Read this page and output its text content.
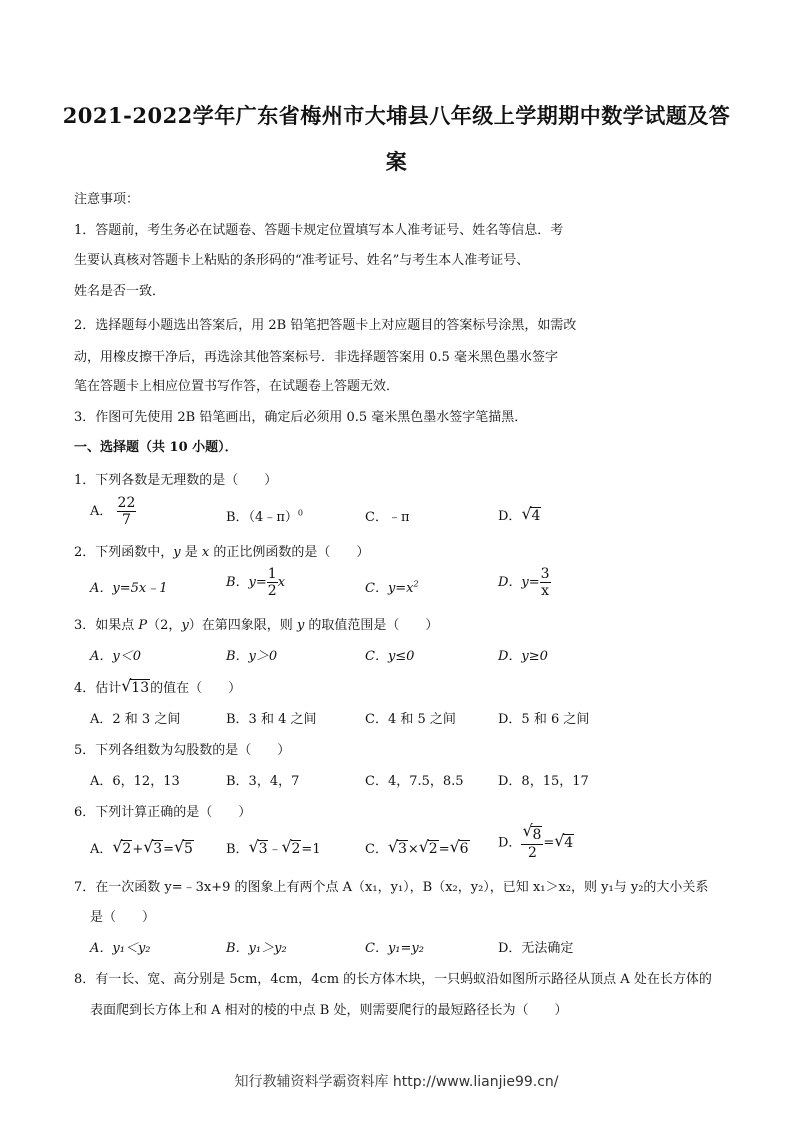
2021-2022学年广东省梅州市大埔县八年级上学期期中数学试题及答
案
注意事项：
1．答题前，考生务必在试题卷、答题卡规定位置填写本人准考证号、姓名等信息．考
生要认真核对答题卡上粘贴的条形码的“准考证号、姓名”与考生本人准考证号、
姓名是否一致．
2．选择题每小题选出答案后，用 2B 铅笔把答题卡上对应题目的答案标号涂黑，如需改
动，用橡皮擦干净后，再选涂其他答案标号．非选择题答案用 0.5 毫米黑色墨水签字
笔在答题卡上相应位置书写作答，在试题卷上答题无效．
3．作图可先使用 2B 铅笔画出，确定后必须用 0.5 毫米黑色墨水签字笔描黑．
一、选择题（共 10 小题）．
1．下列各数是无理数的是（　　）
A． $\frac{22}{7}$	B．（4﹣π）$^0$	C．﹣π	D． √ 4
2．下列函数中，y 是 x 的正比例函数的是（　　）
A．y=5x﹣1	B．$y= \frac{1}{2}$ x	C．$y=x^2$	D．$y= \frac{3}{x}$
3．如果点 P（2，y）在第四象限，则 y 的取值范围是（　　）
A．y＜0	B．y＞0	C．y≤0	D．y≥0
4．估计 √ 13的值在（　　）
A．2 和 3 之间	B．3 和 4 之间	C．4 和 5 之间	D．5 和 6 之间
5．下列各组数为勾股数的是（　　）
A．6，12，13	B．3，4，7	C．4，7.5，8.5	D．8，15，17
6．下列计算正确的是（　　）
A． √ 2+ √ 3= √ 5	B． √ 3﹣ √ 2=1	C． √ 3× √ 2= √ 6 D． √ $\frac{8}{2}$ = √ 4
7．在一次函数 y=﹣3x+9 的图象上有两个点 A（x₁，y₁），B（x₂，y₂），已知 x₁＞x₂，则 y₁与 y₂的大小关系
是（　　）
A．y₁＜y₂	B．y₁＞y₂	C．y₁=y₂	D．无法确定
8．有一长、宽、高分别是 5cm，4cm，4cm 的长方体木块，一只蚂蚁沿如图所示路径从顶点 A 处在长方体的
表面爬到长方体上和 A 相对的棱的中点 B 处，则需要爬行的最短路径长为（　　）
知行教辅资料学霸资料库 http://www.lianjie99.cn/
